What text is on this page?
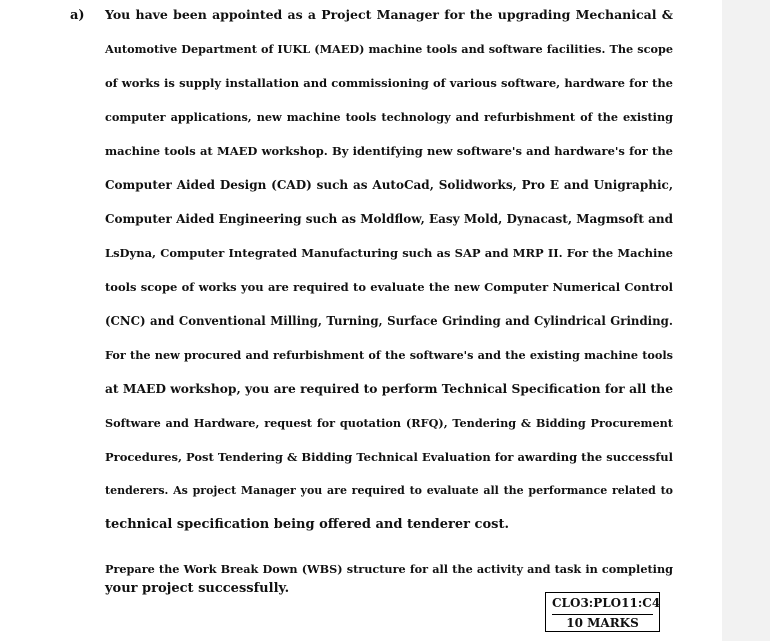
a) You have been appointed as a Project Manager for the upgrading Mechanical &
Automotive Department of IUKL (MAED) machine tools and software facilities. The scope
of works is supply installation and commissioning of various software, hardware for the
computer applications, new machine tools technology and refurbishment of the existing
machine tools at MAED workshop. By identifying new software's and hardware's for the
Computer Aided Design (CAD) such as AutoCad, Solidworks, Pro E and Unigraphic,
Computer Aided Engineering such as Moldflow, Easy Mold, Dynacast, Magmsoft and
LsDyna, Computer Integrated Manufacturing such as SAP and MRP II. For the Machine
tools scope of works you are required to evaluate the new Computer Numerical Control
(CNC) and Conventional Milling, Turning, Surface Grinding and Cylindrical Grinding.
For the new procured and refurbishment of the software's and the existing machine tools
at MAED workshop, you are required to perform Technical Specification for all the
Software and Hardware, request for quotation (RFQ), Tendering & Bidding Procurement
Procedures, Post Tendering & Bidding Technical Evaluation for awarding the successful
tenderers. As project Manager you are required to evaluate all the performance related to
technical specification being offered and tenderer cost.
Prepare the Work Break Down (WBS) structure for all the activity and task in completing
your project successfully.
CLO3:PLO11:C4
10 MARKS
